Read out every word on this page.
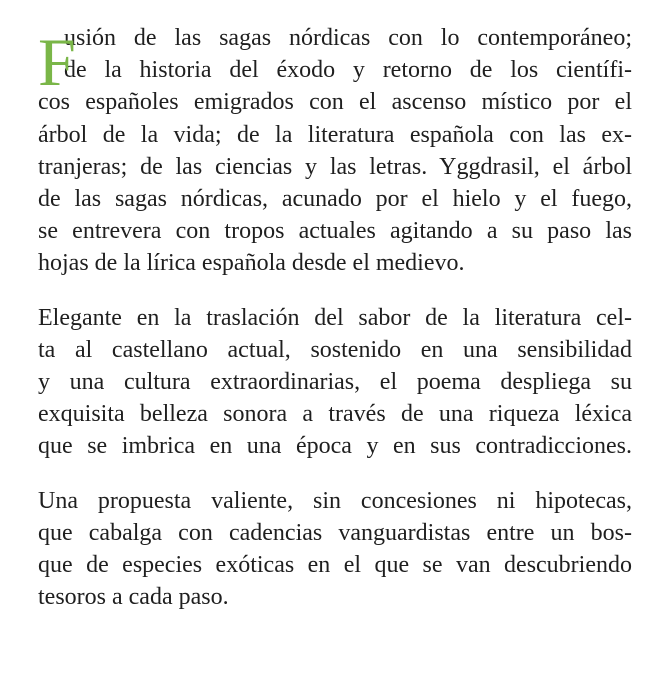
F
usión de las sagas nórdicas con lo contemporáneo;
de la historia del éxodo y retorno de los científi-
cos españoles emigrados con el ascenso místico por el
árbol de la vida; de la literatura española con las ex-
tranjeras; de las ciencias y las letras. Yggdrasil, el árbol
de las sagas nórdicas, acunado por el hielo y el fuego,
se entrevera con tropos actuales agitando a su paso las
hojas de la lírica española desde el medievo.
Elegante en la traslación del sabor de la literatura cel-
ta al castellano actual, sostenido en una sensibilidad
y una cultura extraordinarias, el poema despliega su
exquisita belleza sonora a través de una riqueza léxica
que se imbrica en una época y en sus contradicciones.
Una propuesta valiente, sin concesiones ni hipotecas,
que cabalga con cadencias vanguardistas entre un bos-
que de especies exóticas en el que se van descubriendo
tesoros a cada paso.
